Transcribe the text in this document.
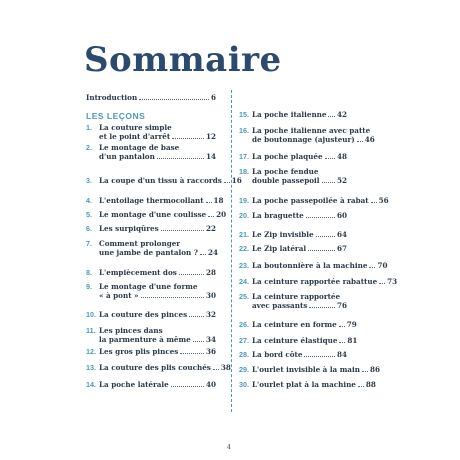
Sommaire
Introduction	6
LES LEÇONS
1. La couture simple
et le point d'arrêt	12
2. Le montage de base
d'un pantalon	14
3. La coupe d'un tissu à raccords 16
4. L'entoilage thermocollant 18
5. Le montage d'une coulisse 20
6. Les surpiqûres	22
7. Comment prolonger
une jambe de pantalon ? 24
8. L'empiècement dos	28
9. Le montage d'une forme
« à pont »	30
10. La couture des pinces	32
11. Les pinces dans
la parmenture à même 34
12. Les gros plis pinces	36
13. La couture des plis couchés 38
14. La poche latérale	40
15. La poche italienne 42
16. La poche italienne avec patte
de boutonnage (ajusteur) 46
17. La poche plaquée 48
18. La poche fendue
double passepoil 52
19. La poche passepoilée à rabat 56
20. La braguette	60
21. Le Zip invisible	64
22. Le Zip latéral	67
23. La boutonnière à la machine 70
24. La ceinture rapportée rabattue 73
25. La ceinture rapportée
avec passants	76
26. La ceinture en forme 79
27. La ceinture élastique 81
28. La bord côte	84
29. L'ourlet invisible à la main 86
30. L'ourlet plat à la machine 88
4
